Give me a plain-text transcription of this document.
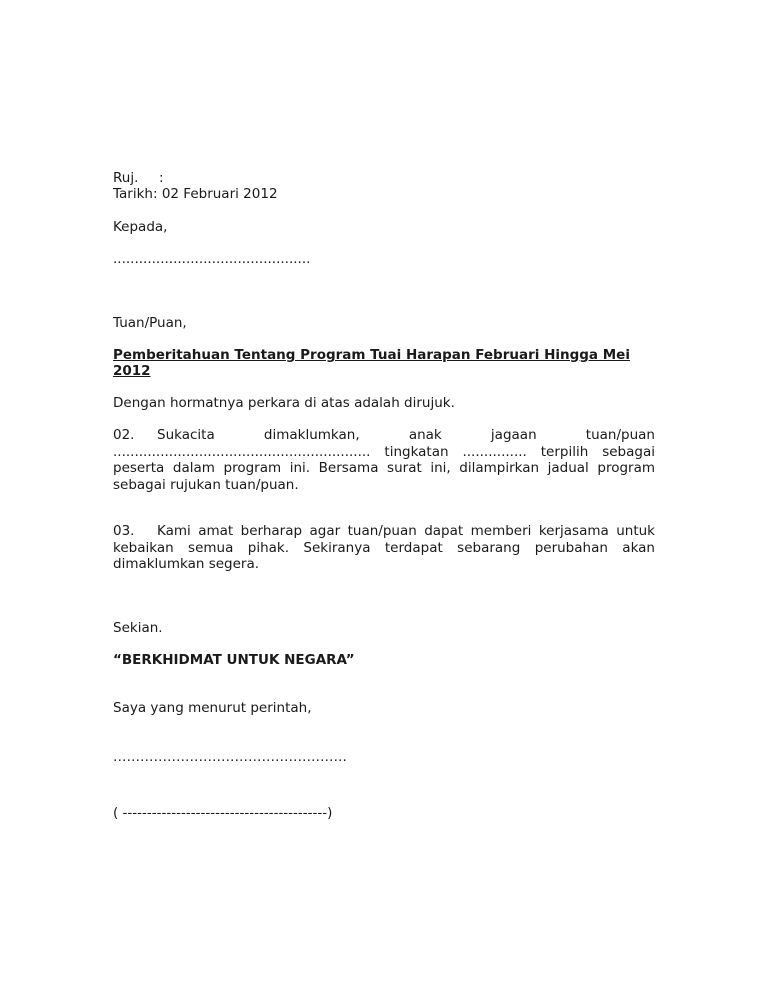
Ruj. :
Tarikh: 02 Februari 2012
Kepada,
..............................................
Tuan/Puan,
Pemberitahuan Tentang Program Tuai Harapan Februari Hingga Mei 2012
Dengan hormatnya perkara di atas adalah dirujuk.
02. Sukacita dimaklumkan, anak jagaan tuan/puan ............................................................ tingkatan ............... terpilih sebagai peserta dalam program ini. Bersama surat ini, dilampirkan jadual program sebagai rujukan tuan/puan.
03. Kami amat berharap agar tuan/puan dapat memberi kerjasama untuk kebaikan semua pihak. Sekiranya terdapat sebarang perubahan akan dimaklumkan segera.
Sekian.
“BERKHIDMAT UNTUK NEGARA”
Saya yang menurut perintah,
…………………………………………….
( ------------------------------------------)
